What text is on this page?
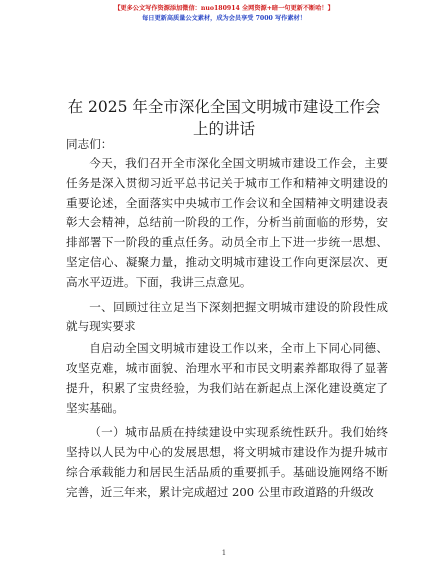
【更多公文写作资源添加微信：nuo180914 全网资源+暗一句更新不断哈！】
每日更新高质量公文素材，成为会员享受 7000 写作素材！
在 2025 年全市深化全国文明城市建设工作会上的讲话
同志们：

今天，我们召开全市深化全国文明城市建设工作会，主要任务是深入贯彻习近平总书记关于城市工作和精神文明建设的重要论述，全面落实中央城市工作会议和全国精神文明建设表彰大会精神，总结前一阶段的工作，分析当前面临的形势，安排部署下一阶段的重点任务。动员全市上下进一步统一思想、坚定信心、凝聚力量，推动文明城市建设工作向更深层次、更高水平迈进。下面，我讲三点意见。

一、回顾过往立足当下深刻把握文明城市建设的阶段性成就与现实要求

自启动全国文明城市建设工作以来，全市上下同心同德、攻坚克难，城市面貌、治理水平和市民文明素养都取得了显著提升，积累了宝贵经验，为我们站在新起点上深化建设奠定了坚实基础。

（一）城市品质在持续建设中实现系统性跃升。我们始终坚持以人民为中心的发展思想，将文明城市建设作为提升城市综合承载能力和居民生活品质的重要抓手。基础设施网络不断完善，近三年来，累计完成超过 200 公里市政道路的升级改

1
